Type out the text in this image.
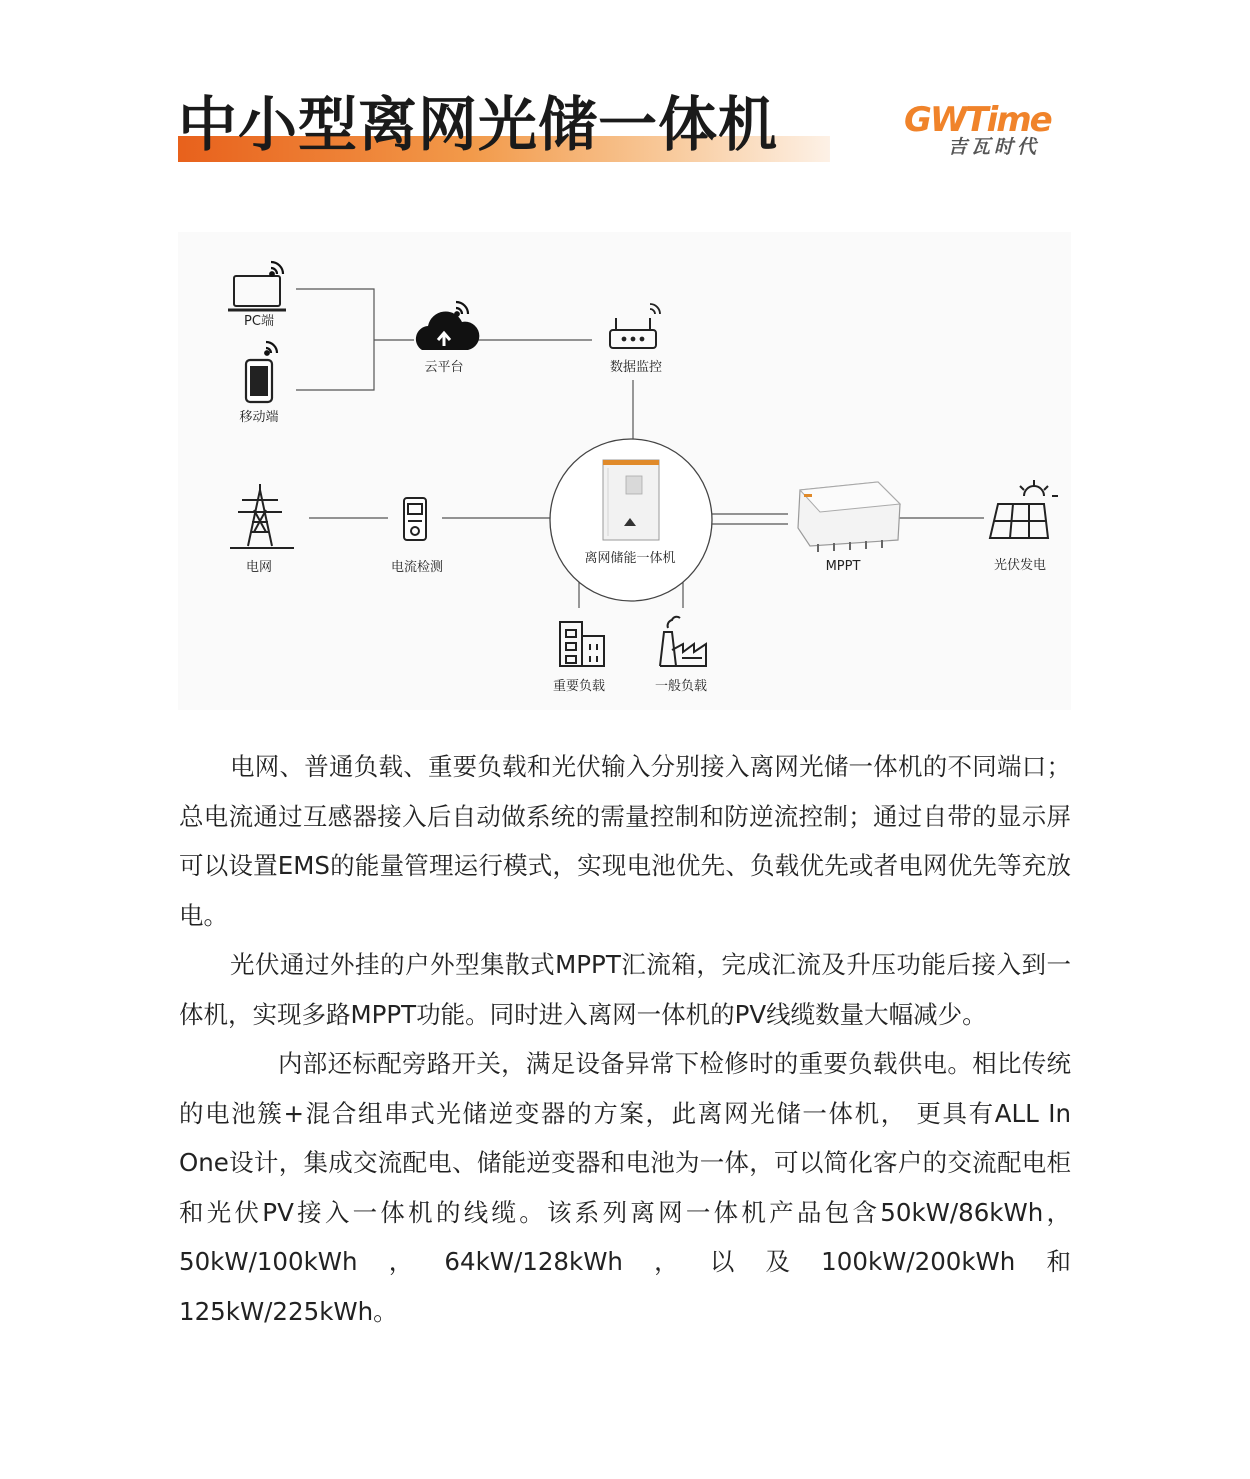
中小型离网光储一体机	GWTime
吉瓦时代
PC端
移动端
云平台	数据监控
电网	电流检测
离网储能一体机
MPPT	光伏发电
重要负载	一般负载

电网、普通负载、重要负载和光伏输入分别接入离网光储一体机的不同端口；总电流通过互感器接入后自动做系统的需量控制和防逆流控制；通过自带的显示屏可以设置EMS的能量管理运行模式，实现电池优先、负载优先或者电网优先等充放电。

光伏通过外挂的户外型集散式MPPT汇流箱，完成汇流及升压功能后接入到一体机，实现多路MPPT功能。同时进入离网一体机的PV线缆数量大幅减少。

内部还标配旁路开关，满足设备异常下检修时的重要负载供电。相比传统的电池簇+混合组串式光储逆变器的方案，此离网光储一体机， 更具有ALL In One设计，集成交流配电、储能逆变器和电池为一体，可以简化客户的交流配电柜和光伏PV接入一体机的线缆。该系列离网一体机产品包含50kW/86kWh，50kW/100kWh，64kW/128kWh，以及100kW/200kWh和125kW/225kWh。
